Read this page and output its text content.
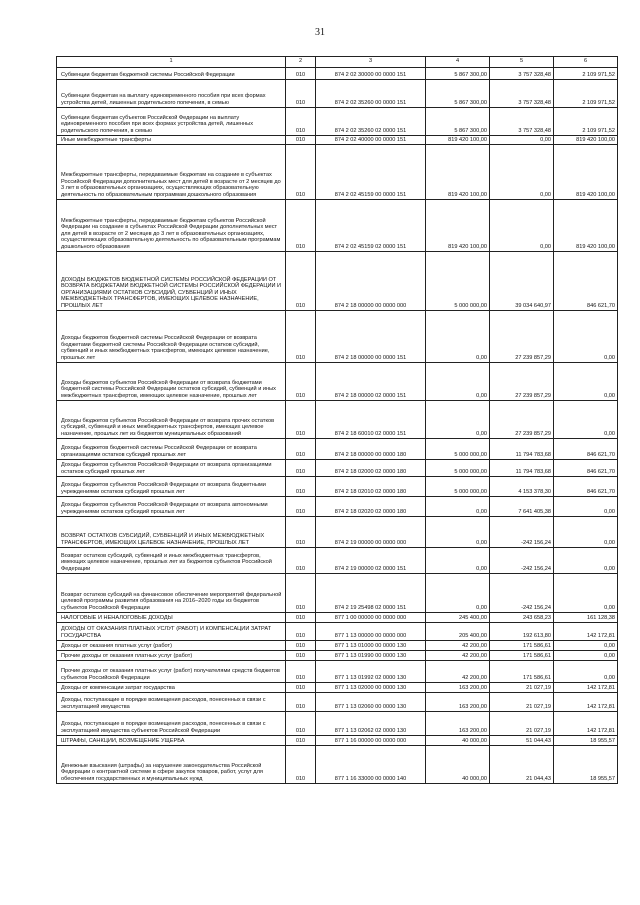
31
1	2	3	4	5	6
Субвенции бюджетам бюджетной системы Российской Федерации	010	874 2 02 30000 00 0000 151	5 867 300,00	3 757 328,48	2 109 971,52
Субвенции бюджетам на выплату единовременного пособия при всех формах устройства детей, лишенных родительского попечения, в семью	010	874 2 02 35260 00 0000 151	5 867 300,00	3 757 328,48	2 109 971,52
Субвенции бюджетам субъектов Российской Федерации на выплату единовременного пособия при всех формах устройства детей, лишенных родительского попечения, в семью	010	874 2 02 35260 02 0000 151	5 867 300,00	3 757 328,48	2 109 971,52
Иные межбюджетные трансферты	010	874 2 02 40000 00 0000 151	819 420 100,00	0,00	819 420 100,00
Межбюджетные трансферты, передаваемые бюджетам на создание в субъектах Российской Федерации дополнительных мест для детей в возрасте от 2 месяцев до 3 лет в образовательных организациях, осуществляющих образовательную деятельность по образовательным программам дошкольного образования	010	874 2 02 45159 00 0000 151	819 420 100,00	0,00	819 420 100,00
Межбюджетные трансферты, передаваемые бюджетам субъектов Российской Федерации на создание в субъектах Российской Федерации дополнительных мест для детей в возрасте от 2 месяцев до 3 лет в образовательных организациях, осуществляющих образовательную деятельность по образовательным программам дошкольного образования	010	874 2 02 45159 02 0000 151	819 420 100,00	0,00	819 420 100,00
ДОХОДЫ БЮДЖЕТОВ БЮДЖЕТНОЙ СИСТЕМЫ РОССИЙСКОЙ ФЕДЕРАЦИИ ОТ ВОЗВРАТА БЮДЖЕТАМИ БЮДЖЕТНОЙ СИСТЕМЫ РОССИЙСКОЙ ФЕДЕРАЦИИ И ОРГАНИЗАЦИЯМИ ОСТАТКОВ СУБСИДИЙ, СУБВЕНЦИЙ И ИНЫХ МЕЖБЮДЖЕТНЫХ ТРАНСФЕРТОВ, ИМЕЮЩИХ ЦЕЛЕВОЕ НАЗНАЧЕНИЕ, ПРОШЛЫХ ЛЕТ	010	874 2 18 00000 00 0000 000	5 000 000,00	39 034 640,97	846 621,70
Доходы бюджетов бюджетной системы Российской Федерации от возврата бюджетами бюджетной системы Российской Федерации остатков субсидий, субвенций и иных межбюджетных трансфертов, имеющих целевое назначение, прошлых лет	010	874 2 18 00000 00 0000 151	0,00	27 239 857,29	0,00
Доходы бюджетов субъектов Российской Федерации от возврата бюджетами бюджетной системы Российской Федерации остатков субсидий, субвенций и иных межбюджетных трансфертов, имеющих целевое назначение, прошлых лет	010	874 2 18 00000 02 0000 151	0,00	27 239 857,29	0,00
Доходы бюджетов субъектов Российской Федерации от возврата прочих остатков субсидий, субвенций и иных межбюджетных трансфертов, имеющих целевое назначение, прошлых лет из бюджетов муниципальных образований	010	874 2 18 60010 02 0000 151	0,00	27 239 857,29	0,00
Доходы бюджетов бюджетной системы Российской Федерации от возврата организациями остатков субсидий прошлых лет	010	874 2 18 00000 00 0000 180	5 000 000,00	11 794 783,68	846 621,70
Доходы бюджетов субъектов Российской Федерации от возврата организациями остатков субсидий прошлых лет	010	874 2 18 02000 02 0000 180	5 000 000,00	11 794 783,68	846 621,70
Доходы бюджетов субъектов Российской Федерации от возврата бюджетными учреждениями остатков субсидий прошлых лет	010	874 2 18 02010 02 0000 180	5 000 000,00	4 153 378,30	846 621,70
Доходы бюджетов субъектов Российской Федерации от возврата автономными учреждениями остатков субсидий прошлых лет	010	874 2 18 02020 02 0000 180	0,00	7 641 405,38	0,00
ВОЗВРАТ ОСТАТКОВ СУБСИДИЙ, СУБВЕНЦИЙ И ИНЫХ МЕЖБЮДЖЕТНЫХ ТРАНСФЕРТОВ, ИМЕЮЩИХ ЦЕЛЕВОЕ НАЗНАЧЕНИЕ, ПРОШЛЫХ ЛЕТ	010	874 2 19 00000 00 0000 000	0,00	-242 156,24	0,00
Возврат остатков субсидий, субвенций и иных межбюджетных трансфертов, имеющих целевое назначение, прошлых лет из бюджетов субъектов Российской Федерации	010	874 2 19 00000 02 0000 151	0,00	-242 156,24	0,00
Возврат остатков субсидий на финансовое обеспечение мероприятий федеральной целевой программы развития образования на 2016–2020 годы из бюджетов субъектов Российской Федерации	010	874 2 19 25498 02 0000 151	0,00	-242 156,24	0,00
НАЛОГОВЫЕ И НЕНАЛОГОВЫЕ ДОХОДЫ	010	877 1 00 00000 00 0000 000	245 400,00	243 658,23	161 128,38
ДОХОДЫ ОТ ОКАЗАНИЯ ПЛАТНЫХ УСЛУГ (РАБОТ) И КОМПЕНСАЦИИ ЗАТРАТ ГОСУДАРСТВА	010	877 1 13 00000 00 0000 000	205 400,00	192 613,80	142 172,81
Доходы от оказания платных услуг (работ)	010	877 1 13 01000 00 0000 130	42 200,00	171 586,61	0,00
Прочие доходы от оказания платных услуг (работ)	010	877 1 13 01990 00 0000 130	42 200,00	171 586,61	0,00
Прочие доходы от оказания платных услуг (работ) получателями средств бюджетов субъектов Российской Федерации	010	877 1 13 01992 02 0000 130	42 200,00	171 586,61	0,00
Доходы от компенсации затрат государства	010	877 1 13 02000 00 0000 130	163 200,00	21 027,19	142 172,81
Доходы, поступающие в порядке возмещения расходов, понесенных в связи с эксплуатацией имущества	010	877 1 13 02060 00 0000 130	163 200,00	21 027,19	142 172,81
Доходы, поступающие в порядке возмещения расходов, понесенных в связи с эксплуатацией имущества субъектов Российской Федерации	010	877 1 13 02062 02 0000 130	163 200,00	21 027,19	142 172,81
ШТРАФЫ, САНКЦИИ, ВОЗМЕЩЕНИЕ УЩЕРБА	010	877 1 16 00000 00 0000 000	40 000,00	51 044,43	18 955,57
Денежные взыскания (штрафы) за нарушение законодательства Российской Федерации о контрактной системе в сфере закупок товаров, работ, услуг для обеспечения государственных и муниципальных нужд	010	877 1 16 33000 00 0000 140	40 000,00	21 044,43	18 955,57
